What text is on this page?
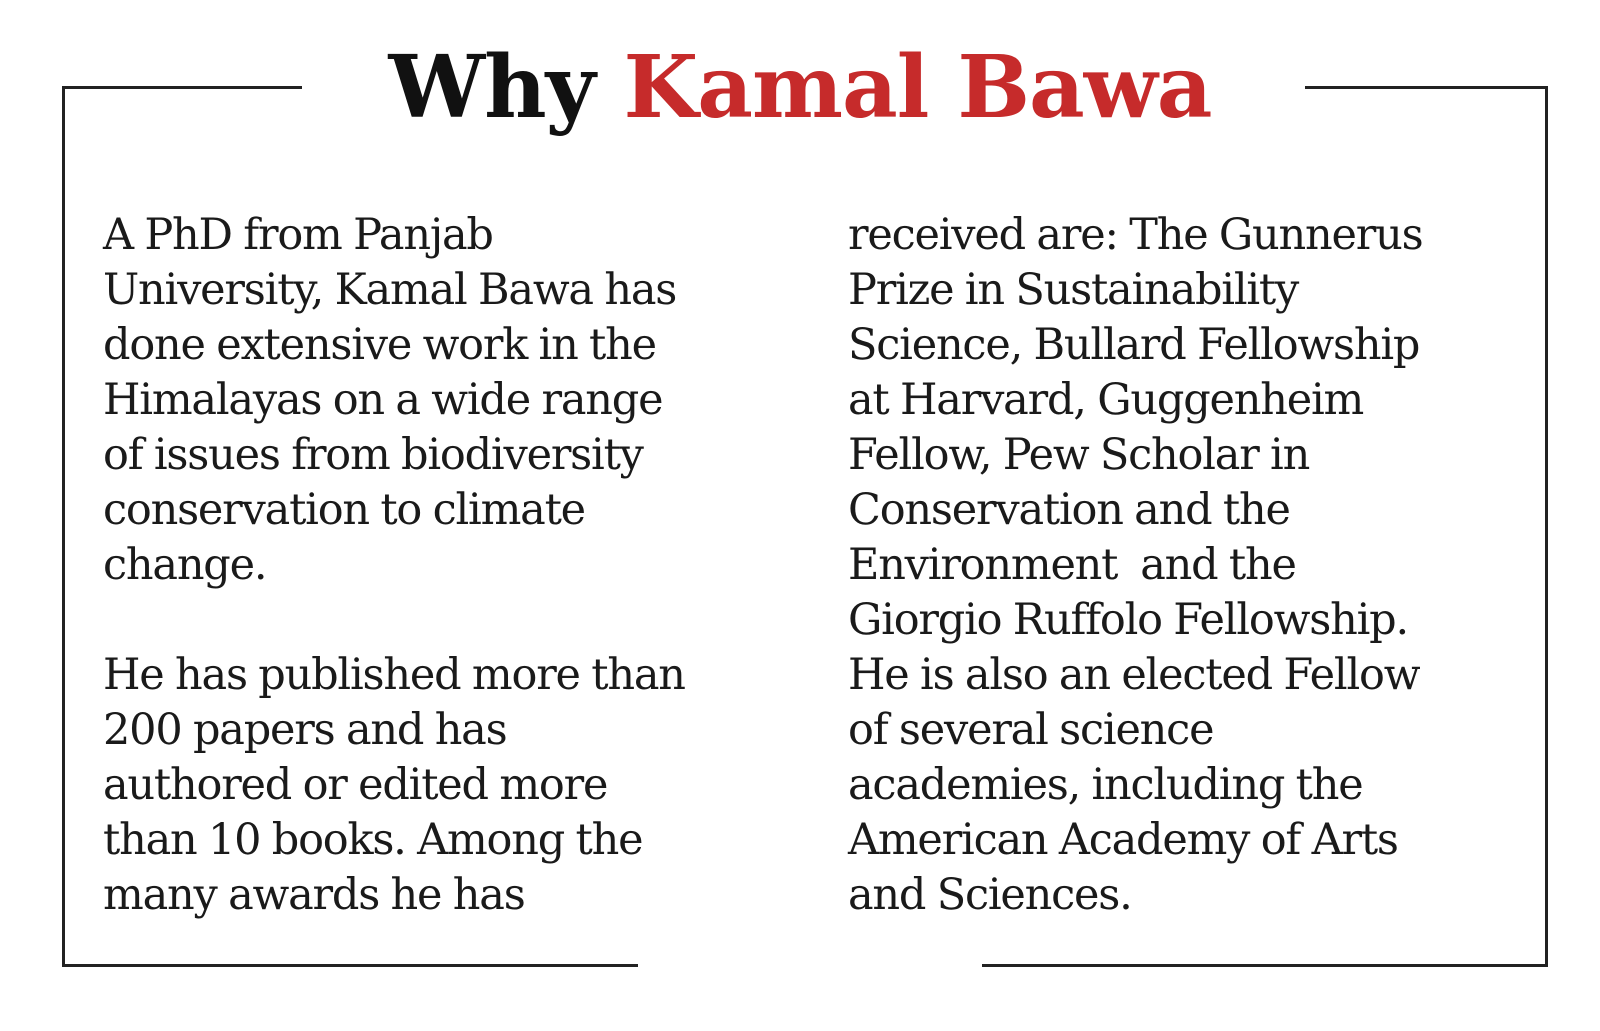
Why Kamal Bawa
A PhD from Panjab
University, Kamal Bawa has
done extensive work in the
Himalayas on a wide range
of issues from biodiversity
conservation to climate
change.
He has published more than
200 papers and has
authored or edited more
than 10 books. Among the
many awards he has
received are: The Gunnerus
Prize in Sustainability
Science, Bullard Fellowship
at Harvard, Guggenheim
Fellow, Pew Scholar in
Conservation and the
Environment  and the
Giorgio Ruffolo Fellowship.
He is also an elected Fellow
of several science
academies, including the
American Academy of Arts
and Sciences.
